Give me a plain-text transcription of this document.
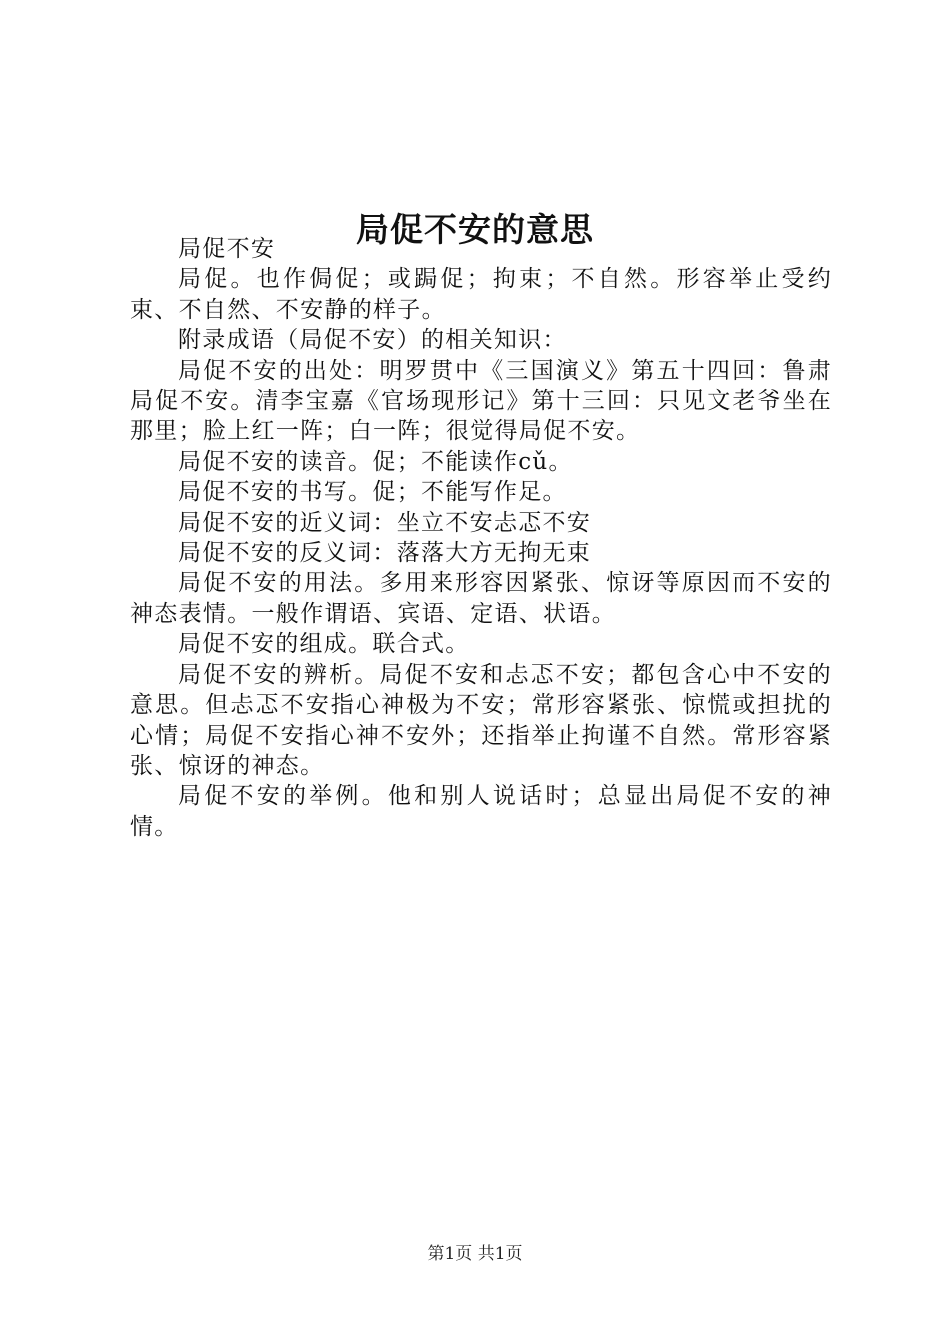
局促不安的意思

局促不安

局促。也作侷促；或跼促；拘束；不自然。形容举止受约束、不自然、不安静的样子。

附录成语（局促不安）的相关知识：

局促不安的出处：明罗贯中《三国演义》第五十四回：鲁肃局促不安。清李宝嘉《官场现形记》第十三回：只见文老爷坐在那里；脸上红一阵；白一阵；很觉得局促不安。

局促不安的读音。促；不能读作cǔ。

局促不安的书写。促；不能写作足。

局促不安的近义词：坐立不安忐忑不安

局促不安的反义词：落落大方无拘无束

局促不安的用法。多用来形容因紧张、惊讶等原因而不安的神态表情。一般作谓语、宾语、定语、状语。

局促不安的组成。联合式。

局促不安的辨析。局促不安和忐忑不安；都包含心中不安的意思。但忐忑不安指心神极为不安；常形容紧张、惊慌或担扰的心情；局促不安指心神不安外；还指举止拘谨不自然。常形容紧张、惊讶的神态。

局促不安的举例。他和别人说话时；总显出局促不安的神情。

第1页 共1页
